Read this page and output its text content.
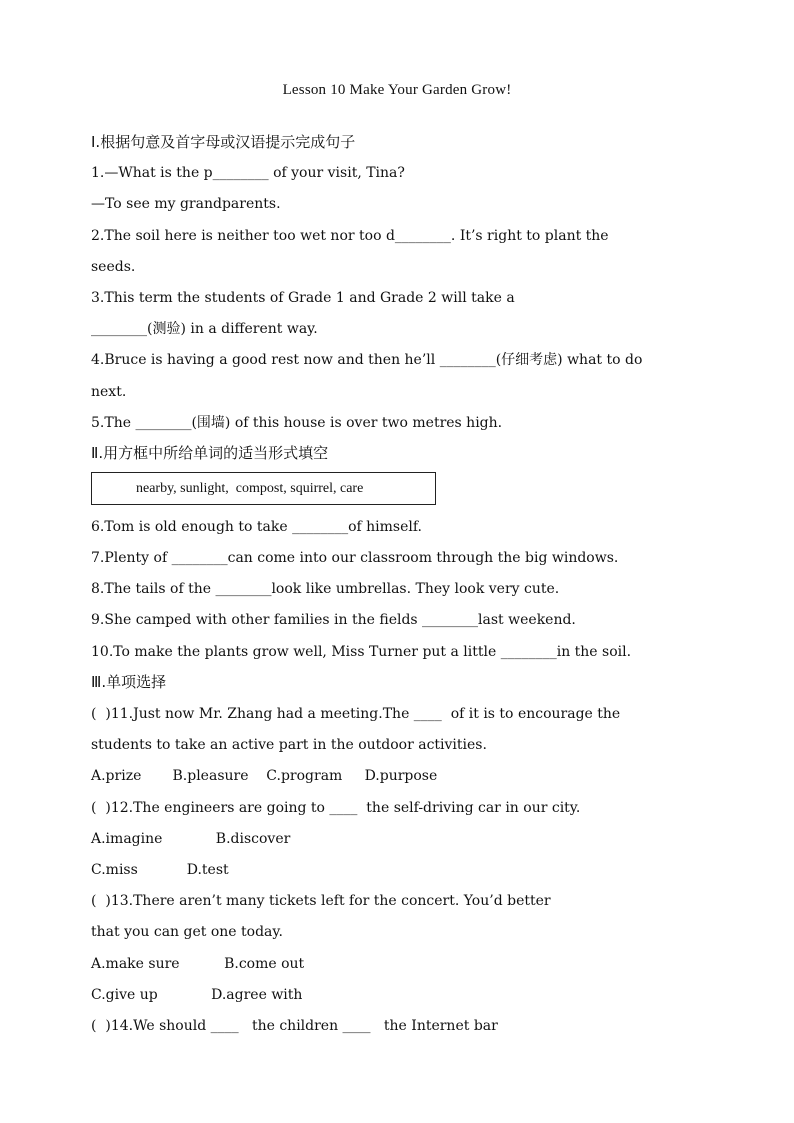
Lesson 10 Make Your Garden Grow!
Ⅰ.根据句意及首字母或汉语提示完成句子
1.—What is the p________ of your visit, Tina?
—To see my grandparents.
2.The soil here is neither too wet nor too d________. It’s right to plant the
seeds.
3.This term the students of Grade 1 and Grade 2 will take a
________(测验) in a different way.
4.Bruce is having a good rest now and then he’ll ________(仔细考虑) what to do
next.
5.The ________(围墙) of this house is over two metres high.
Ⅱ.用方框中所给单词的适当形式填空
nearby, sunlight,  compost, squirrel, care
6.Tom is old enough to take ________of himself.
7.Plenty of ________can come into our classroom through the big windows.
8.The tails of the ________look like umbrellas. They look very cute.
9.She camped with other families in the fields ________last weekend.
10.To make the plants grow well, Miss Turner put a little ________in the soil.
Ⅲ.单项选择
(  )11.Just now Mr. Zhang had a meeting.The ____  of it is to encourage the
students to take an active part in the outdoor activities.
A.prize       B.pleasure    C.program     D.purpose
(  )12.The engineers are going to ____  the self-driving car in our city.
A.imagine            B.discover
C.miss           D.test
(  )13.There aren’t many tickets left for the concert. You’d better
that you can get one today.
A.make sure          B.come out
C.give up            D.agree with
(  )14.We should ____   the children ____   the Internet bar
